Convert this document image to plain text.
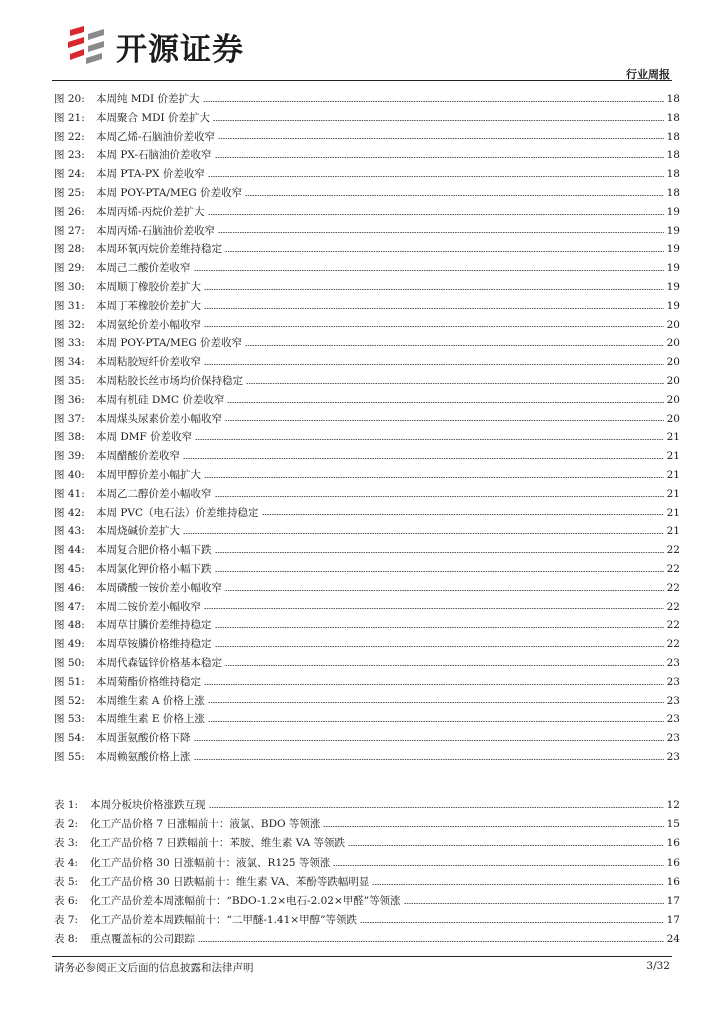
开源证券
行业周报
图 20:	本周纯 MDI 价差扩大	18
图 21:	本周聚合 MDI 价差扩大	18
图 22:	本周乙烯-石脑油价差收窄	18
图 23:	本周 PX-石脑油价差收窄	18
图 24:	本周 PTA-PX 价差收窄	18
图 25:	本周 POY-PTA/MEG 价差收窄	18
图 26:	本周丙烯-丙烷价差扩大	19
图 27:	本周丙烯-石脑油价差收窄	19
图 28:	本周环氧丙烷价差维持稳定	19
图 29:	本周己二酸价差收窄	19
图 30:	本周顺丁橡胶价差扩大	19
图 31:	本周丁苯橡胶价差扩大	19
图 32:	本周氨纶价差小幅收窄	20
图 33:	本周 POY-PTA/MEG 价差收窄	20
图 34:	本周粘胶短纤价差收窄	20
图 35:	本周粘胶长丝市场均价保持稳定	20
图 36:	本周有机硅 DMC 价差收窄	20
图 37:	本周煤头尿素价差小幅收窄	20
图 38:	本周 DMF 价差收窄	21
图 39:	本周醋酸价差收窄	21
图 40:	本周甲醇价差小幅扩大	21
图 41:	本周乙二醇价差小幅收窄	21
图 42:	本周 PVC（电石法）价差维持稳定	21
图 43:	本周烧碱价差扩大	21
图 44:	本周复合肥价格小幅下跌	22
图 45:	本周氯化钾价格小幅下跌	22
图 46:	本周磷酸一铵价差小幅收窄	22
图 47:	本周二铵价差小幅收窄	22
图 48:	本周草甘膦价差维持稳定	22
图 49:	本周草铵膦价格维持稳定	22
图 50:	本周代森锰锌价格基本稳定	23
图 51:	本周菊酯价格维持稳定	23
图 52:	本周维生素 A 价格上涨	23
图 53:	本周维生素 E 价格上涨	23
图 54:	本周蛋氨酸价格下降	23
图 55:	本周赖氨酸价格上涨	23
表 1:	本周分板块价格涨跌互现	12
表 2:	化工产品价格 7 日涨幅前十：液氯、BDO 等领涨	15
表 3:	化工产品价格 7 日跌幅前十：苯胺、维生素 VA 等领跌	16
表 4:	化工产品价格 30 日涨幅前十：液氯、R125 等领涨	16
表 5:	化工产品价格 30 日跌幅前十：维生素 VA、苯酚等跌幅明显	16
表 6:	化工产品价差本周涨幅前十：“BDO-1.2×电石-2.02×甲醛”等领涨	17
表 7:	化工产品价差本周跌幅前十：“二甲醚-1.41×甲醇”等领跌	17
表 8:	重点覆盖标的公司跟踪	24
请务必参阅正文后面的信息披露和法律声明	3/32
